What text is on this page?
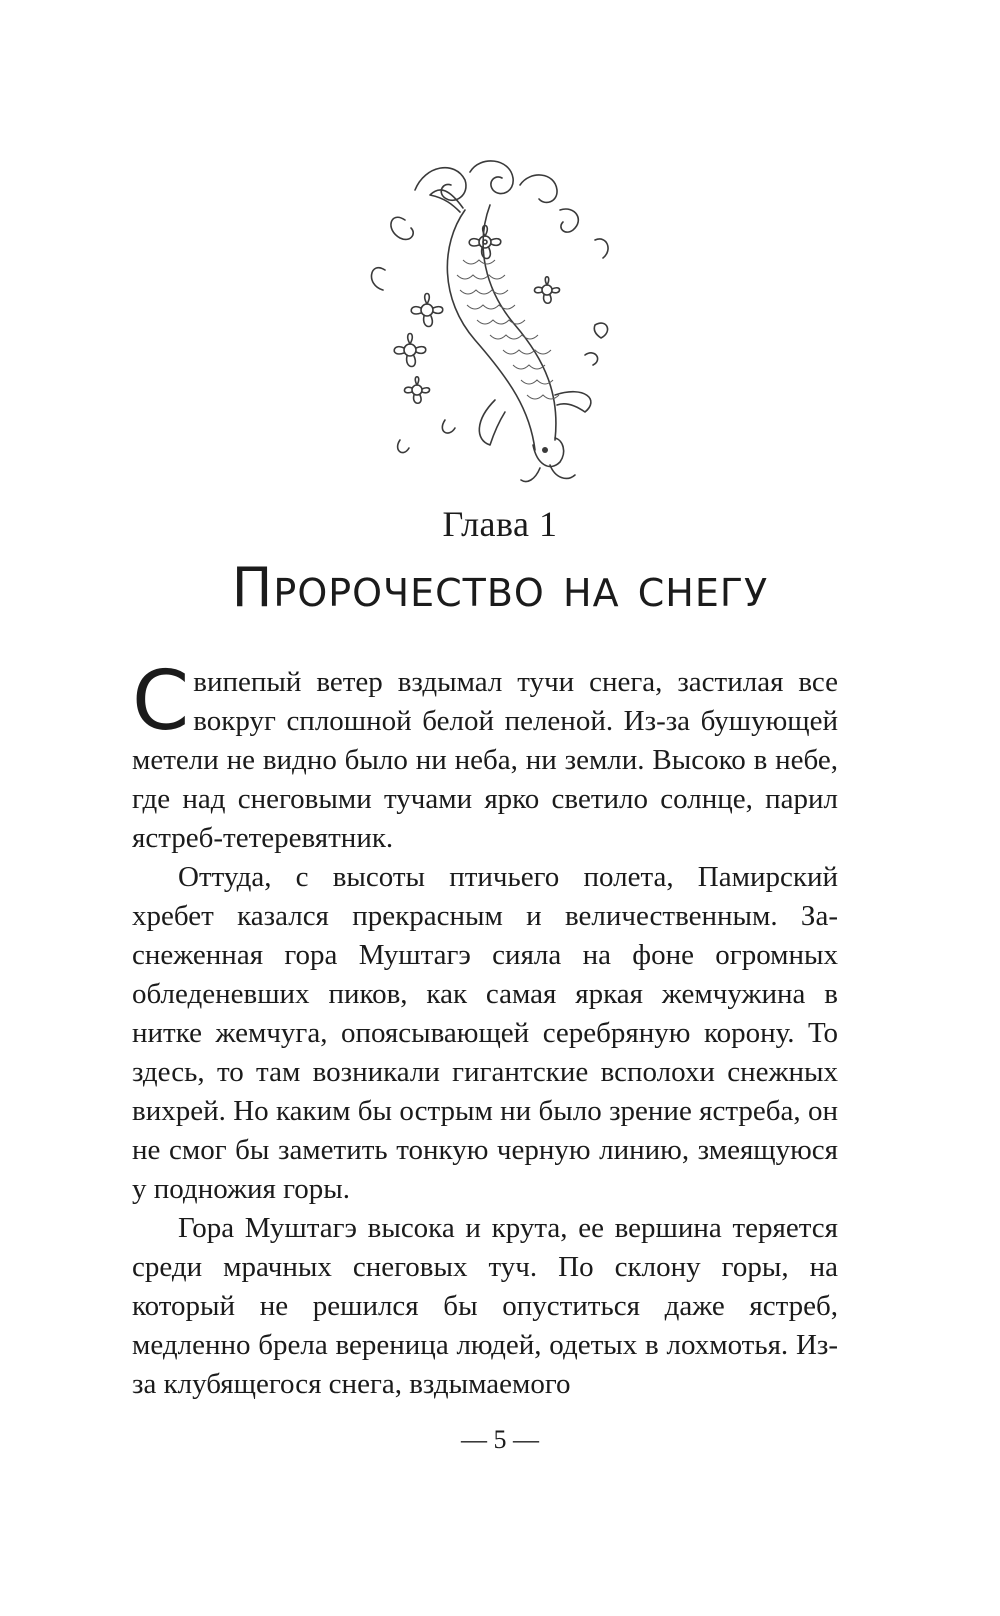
Глава 1
Пророчество на снегу

Свипепый ветер вздымал тучи снега, застилая все вокруг сплошной белой пеленой. Из-за бушующей метели не видно было ни неба, ни земли. Высоко в небе, где над снеговыми тучами ярко светило солнце, парил ястреб-тетеревятник.

Оттуда, с высоты птичьего полета, Памирский хребет казался прекрасным и величественным. Заснеженная гора Муштагэ сияла на фоне огромных обледеневших пиков, как самая яркая жемчужина в нитке жемчуга, опоясывающей серебряную корону. То здесь, то там возникали гигантские всполохи снежных вихрей. Но каким бы острым ни было зрение ястреба, он не смог бы заметить тонкую черную линию, змеящуюся у подножия горы.

Гора Муштагэ высока и крута, ее вершина теряется среди мрачных снеговых туч. По склону горы, на который не решился бы опуститься даже ястреб, медленно брела вереница людей, одетых в лохмотья. Из-за клубящегося снега, вздымаемого

— 5 —
